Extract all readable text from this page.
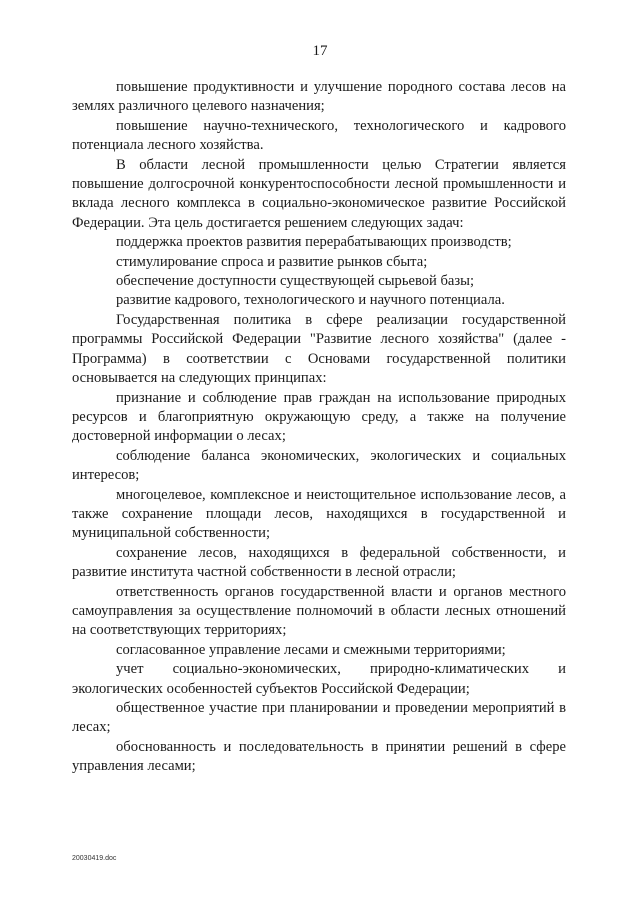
17

повышение продуктивности и улучшение породного состава лесов на землях различного целевого назначения;

повышение научно-технического, технологического и кадрового потенциала лесного хозяйства.

В области лесной промышленности целью Стратегии является повышение долгосрочной конкурентоспособности лесной промышленности и вклада лесного комплекса в социально-экономическое развитие Российской Федерации. Эта цель достигается решением следующих задач:

поддержка проектов развития перерабатывающих производств;

стимулирование спроса и развитие рынков сбыта;

обеспечение доступности существующей сырьевой базы;

развитие кадрового, технологического и научного потенциала.

Государственная политика в сфере реализации государственной программы Российской Федерации "Развитие лесного хозяйства" (далее - Программа) в соответствии с Основами государственной политики основывается на следующих принципах:

признание и соблюдение прав граждан на использование природных ресурсов и благоприятную окружающую среду, а также на получение достоверной информации о лесах;

соблюдение баланса экономических, экологических и социальных интересов;

многоцелевое, комплексное и неистощительное использование лесов, а также сохранение площади лесов, находящихся в государственной и муниципальной собственности;

сохранение лесов, находящихся в федеральной собственности, и развитие института частной собственности в лесной отрасли;

ответственность органов государственной власти и органов местного самоуправления за осуществление полномочий в области лесных отношений на соответствующих территориях;

согласованное управление лесами и смежными территориями;

учет социально-экономических, природно-климатических и экологических особенностей субъектов Российской Федерации;

общественное участие при планировании и проведении мероприятий в лесах;

обоснованность и последовательность в принятии решений в сфере управления лесами;

20030419.doc
